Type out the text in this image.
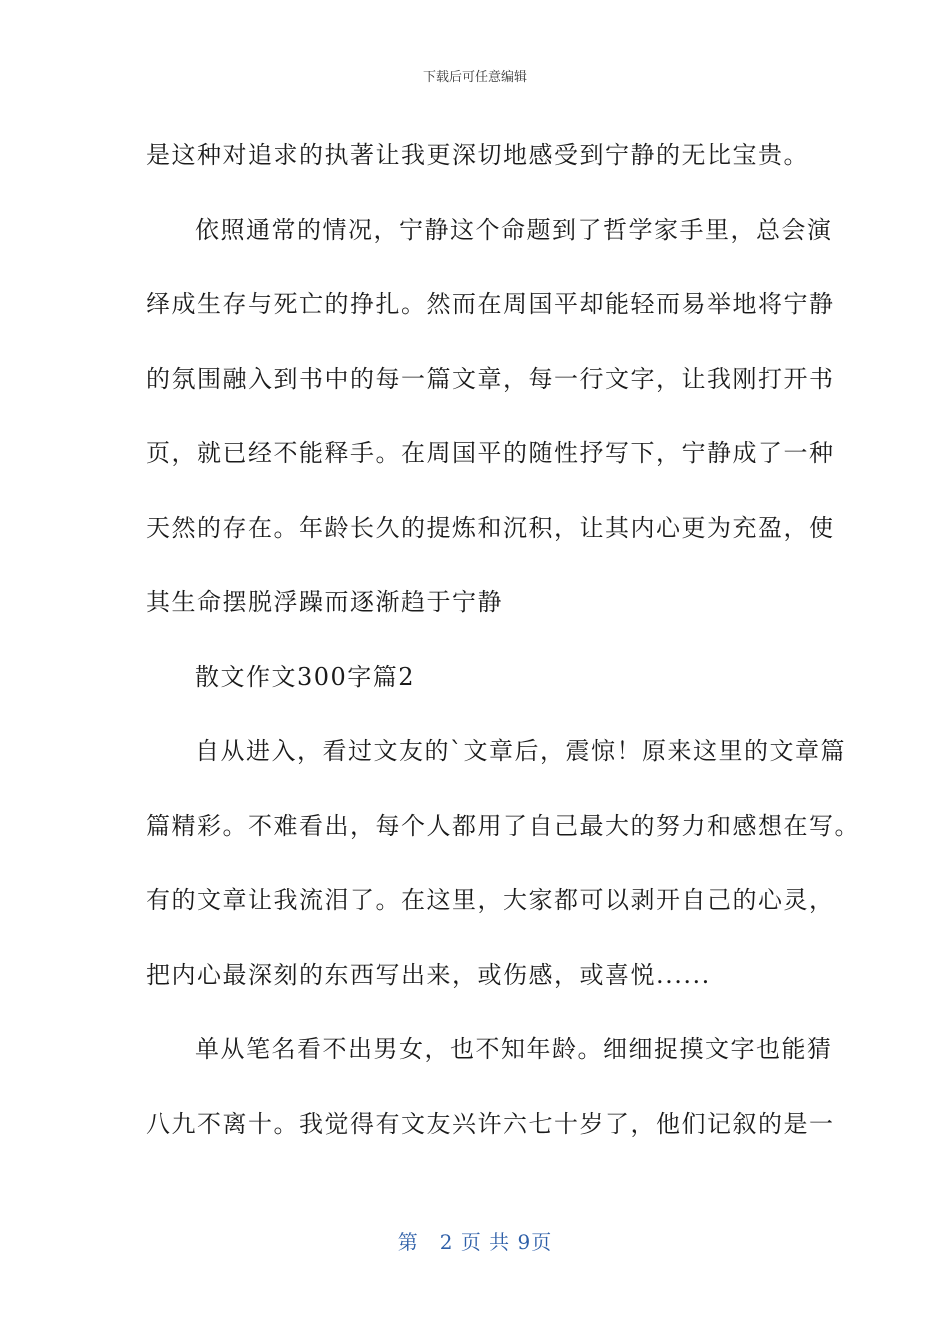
下载后可任意编辑

是这种对追求的执著让我更深切地感受到宁静的无比宝贵。

依照通常的情况，宁静这个命题到了哲学家手里，总会演

绎成生存与死亡的挣扎。然而在周国平却能轻而易举地将宁静

的氛围融入到书中的每一篇文章，每一行文字，让我刚打开书

页，就已经不能释手。在周国平的随性抒写下，宁静成了一种

天然的存在。年龄长久的提炼和沉积，让其内心更为充盈，使

其生命摆脱浮躁而逐渐趋于宁静

散文作文300字篇2

自从进入，看过文友的`文章后，震惊！原来这里的文章篇

篇精彩。不难看出，每个人都用了自己最大的努力和感想在写。

有的文章让我流泪了。在这里，大家都可以剥开自己的心灵，

把内心最深刻的东西写出来，或伤感，或喜悦......

单从笔名看不出男女，也不知年龄。细细捉摸文字也能猜

八九不离十。我觉得有文友兴许六七十岁了，他们记叙的是一

第　2 页 共 9页
